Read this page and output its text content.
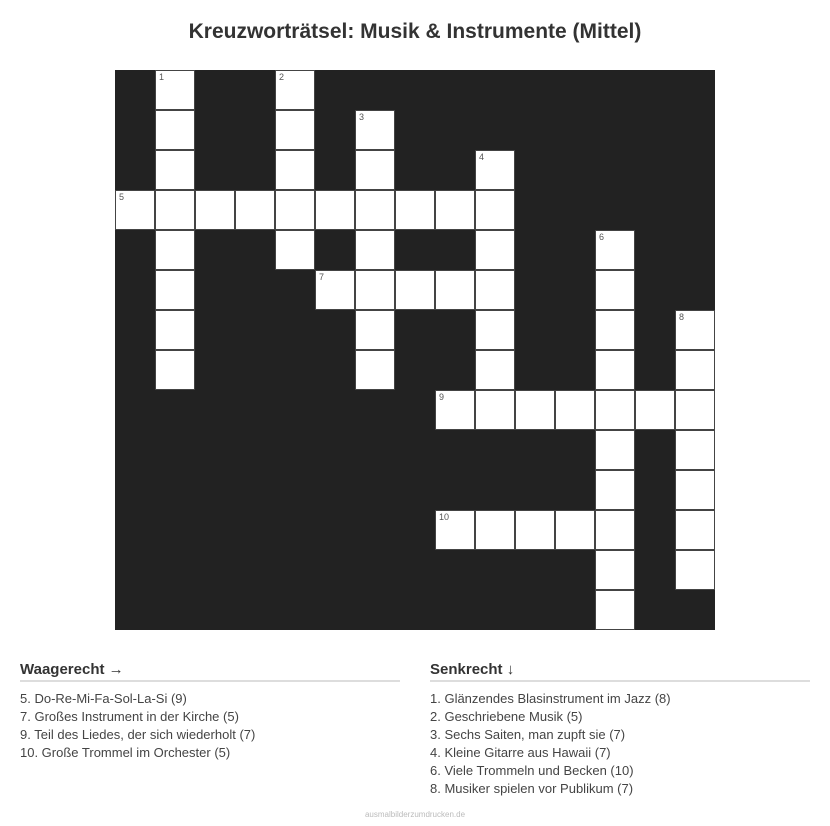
Kreuzworträtsel: Musik & Instrumente (Mittel)
1	2
3
4
5
6
7
8
9
10
Waagerecht →
5. Do-Re-Mi-Fa-Sol-La-Si (9)
7. Großes Instrument in der Kirche (5)
9. Teil des Liedes, der sich wiederholt (7)
10. Große Trommel im Orchester (5)
Senkrecht ↓
1. Glänzendes Blasinstrument im Jazz (8)
2. Geschriebene Musik (5)
3. Sechs Saiten, man zupft sie (7)
4. Kleine Gitarre aus Hawaii (7)
6. Viele Trommeln und Becken (10)
8. Musiker spielen vor Publikum (7)
ausmalbilderzumdrucken.de
